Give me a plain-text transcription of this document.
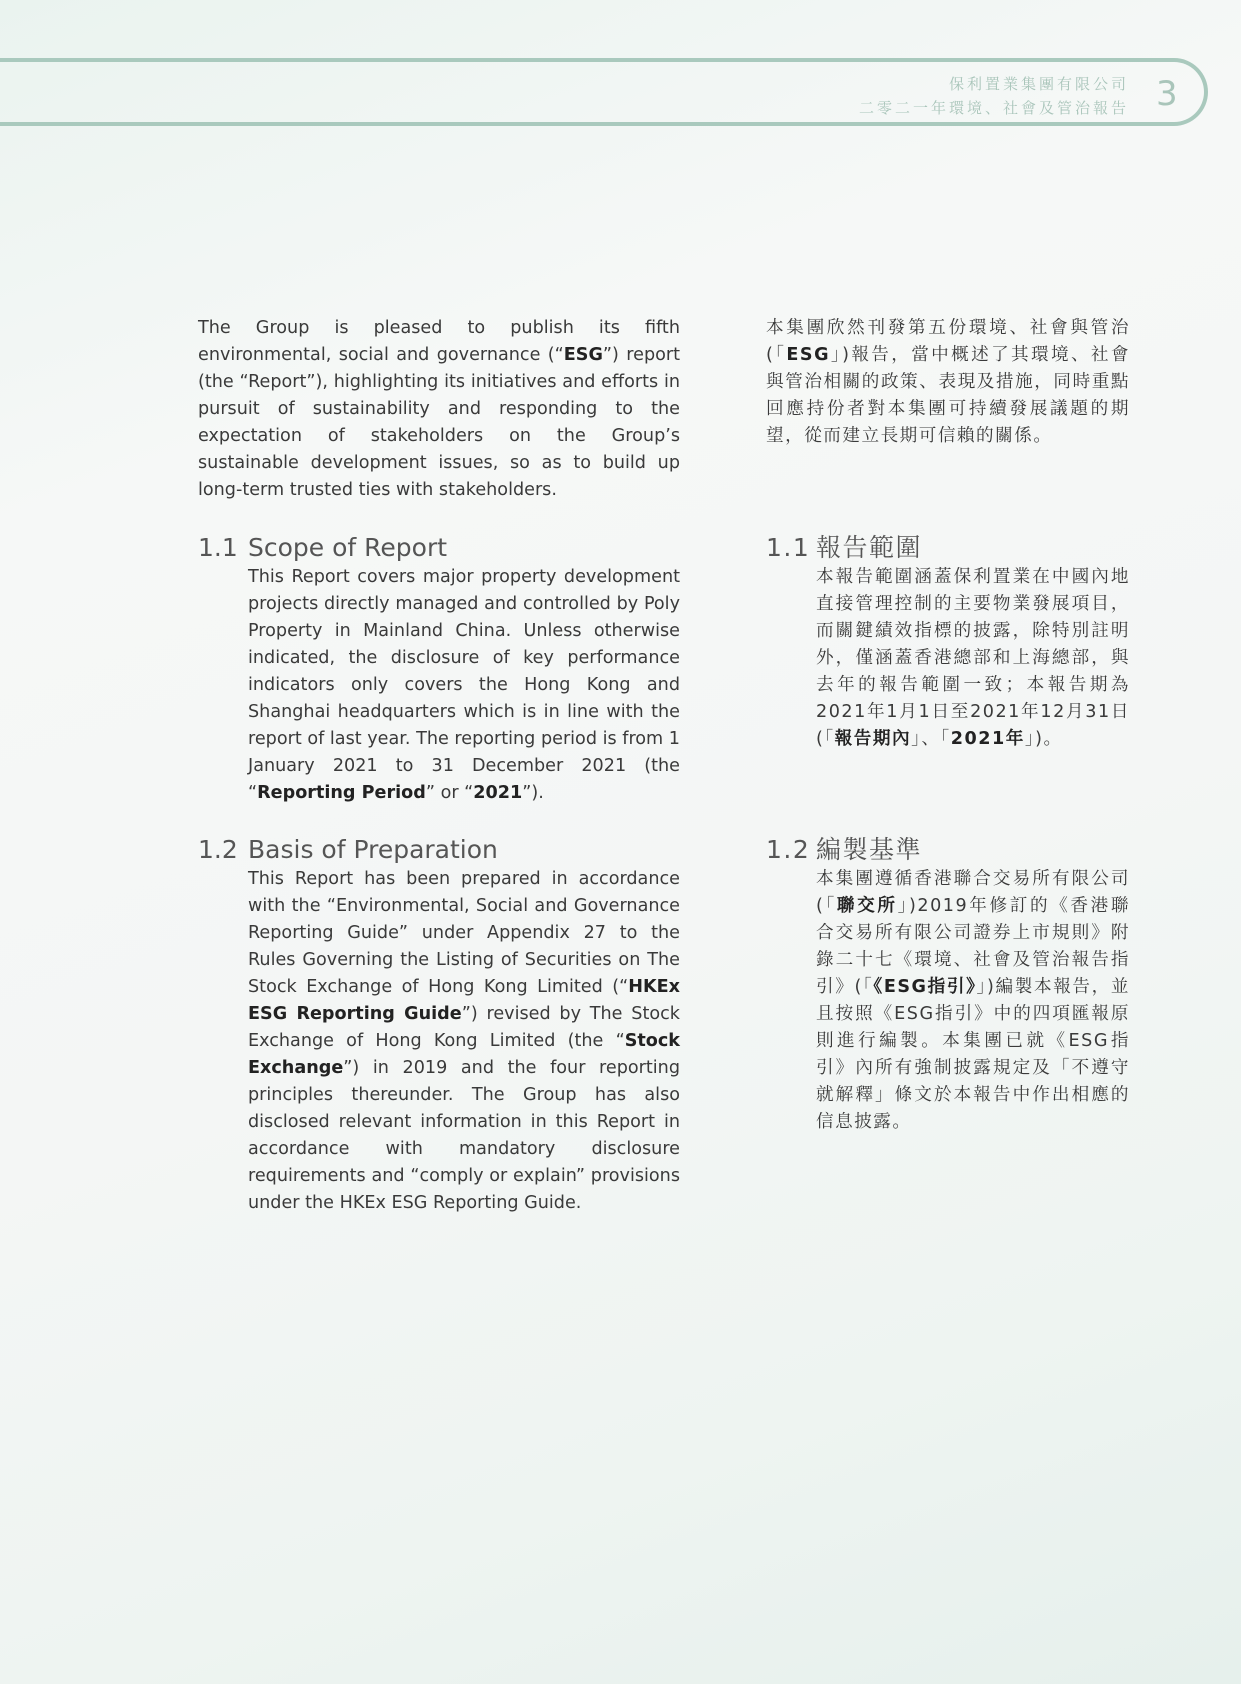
保利置業集團有限公司
二零二一年環境、社會及管治報告 3

The Group is pleased to publish its fifth environmental, social and governance (“ESG”) report (the “Report”), highlighting its initiatives and efforts in pursuit of sustainability and responding to the expectation of stakeholders on the Group’s sustainable development issues, so as to build up long-term trusted ties with stakeholders.

1.1 Scope of Report

This Report covers major property development projects directly managed and controlled by Poly Property in Mainland China. Unless otherwise indicated, the disclosure of key performance indicators only covers the Hong Kong and Shanghai headquarters which is in line with the report of last year. The reporting period is from 1 January 2021 to 31 December 2021 (the “Reporting Period” or “2021”).

1.2 Basis of Preparation

This Report has been prepared in accordance with the “Environmental, Social and Governance Reporting Guide” under Appendix 27 to the Rules Governing the Listing of Securities on The Stock Exchange of Hong Kong Limited (“HKEx ESG Reporting Guide”) revised by The Stock Exchange of Hong Kong Limited (the “Stock Exchange”) in 2019 and the four reporting principles thereunder. The Group has also disclosed relevant information in this Report in accordance with mandatory disclosure requirements and “comply or explain” provisions under the HKEx ESG Reporting Guide.

本集團欣然刊發第五份環境、社會與管治(「ESG」)報告，當中概述了其環境、社會與管治相關的政策、表現及措施，同時重點回應持份者對本集團可持續發展議題的期望，從而建立長期可信賴的關係。

1.1 報告範圍

本報告範圍涵蓋保利置業在中國內地直接管理控制的主要物業發展項目，而關鍵績效指標的披露，除特別註明外，僅涵蓋香港總部和上海總部，與去年的報告範圍一致；本報告期為2021年1月1日至2021年12月31日(「報告期內」、「2021年」)。

1.2 編製基準

本集團遵循香港聯合交易所有限公司(「聯交所」)2019年修訂的《香港聯合交易所有限公司證券上市規則》附錄二十七《環境、社會及管治報告指引》(「《ESG指引》」)編製本報告，並且按照《ESG指引》中的四項匯報原則進行編製。本集團已就《ESG指引》內所有強制披露規定及「不遵守就解釋」條文於本報告中作出相應的信息披露。
